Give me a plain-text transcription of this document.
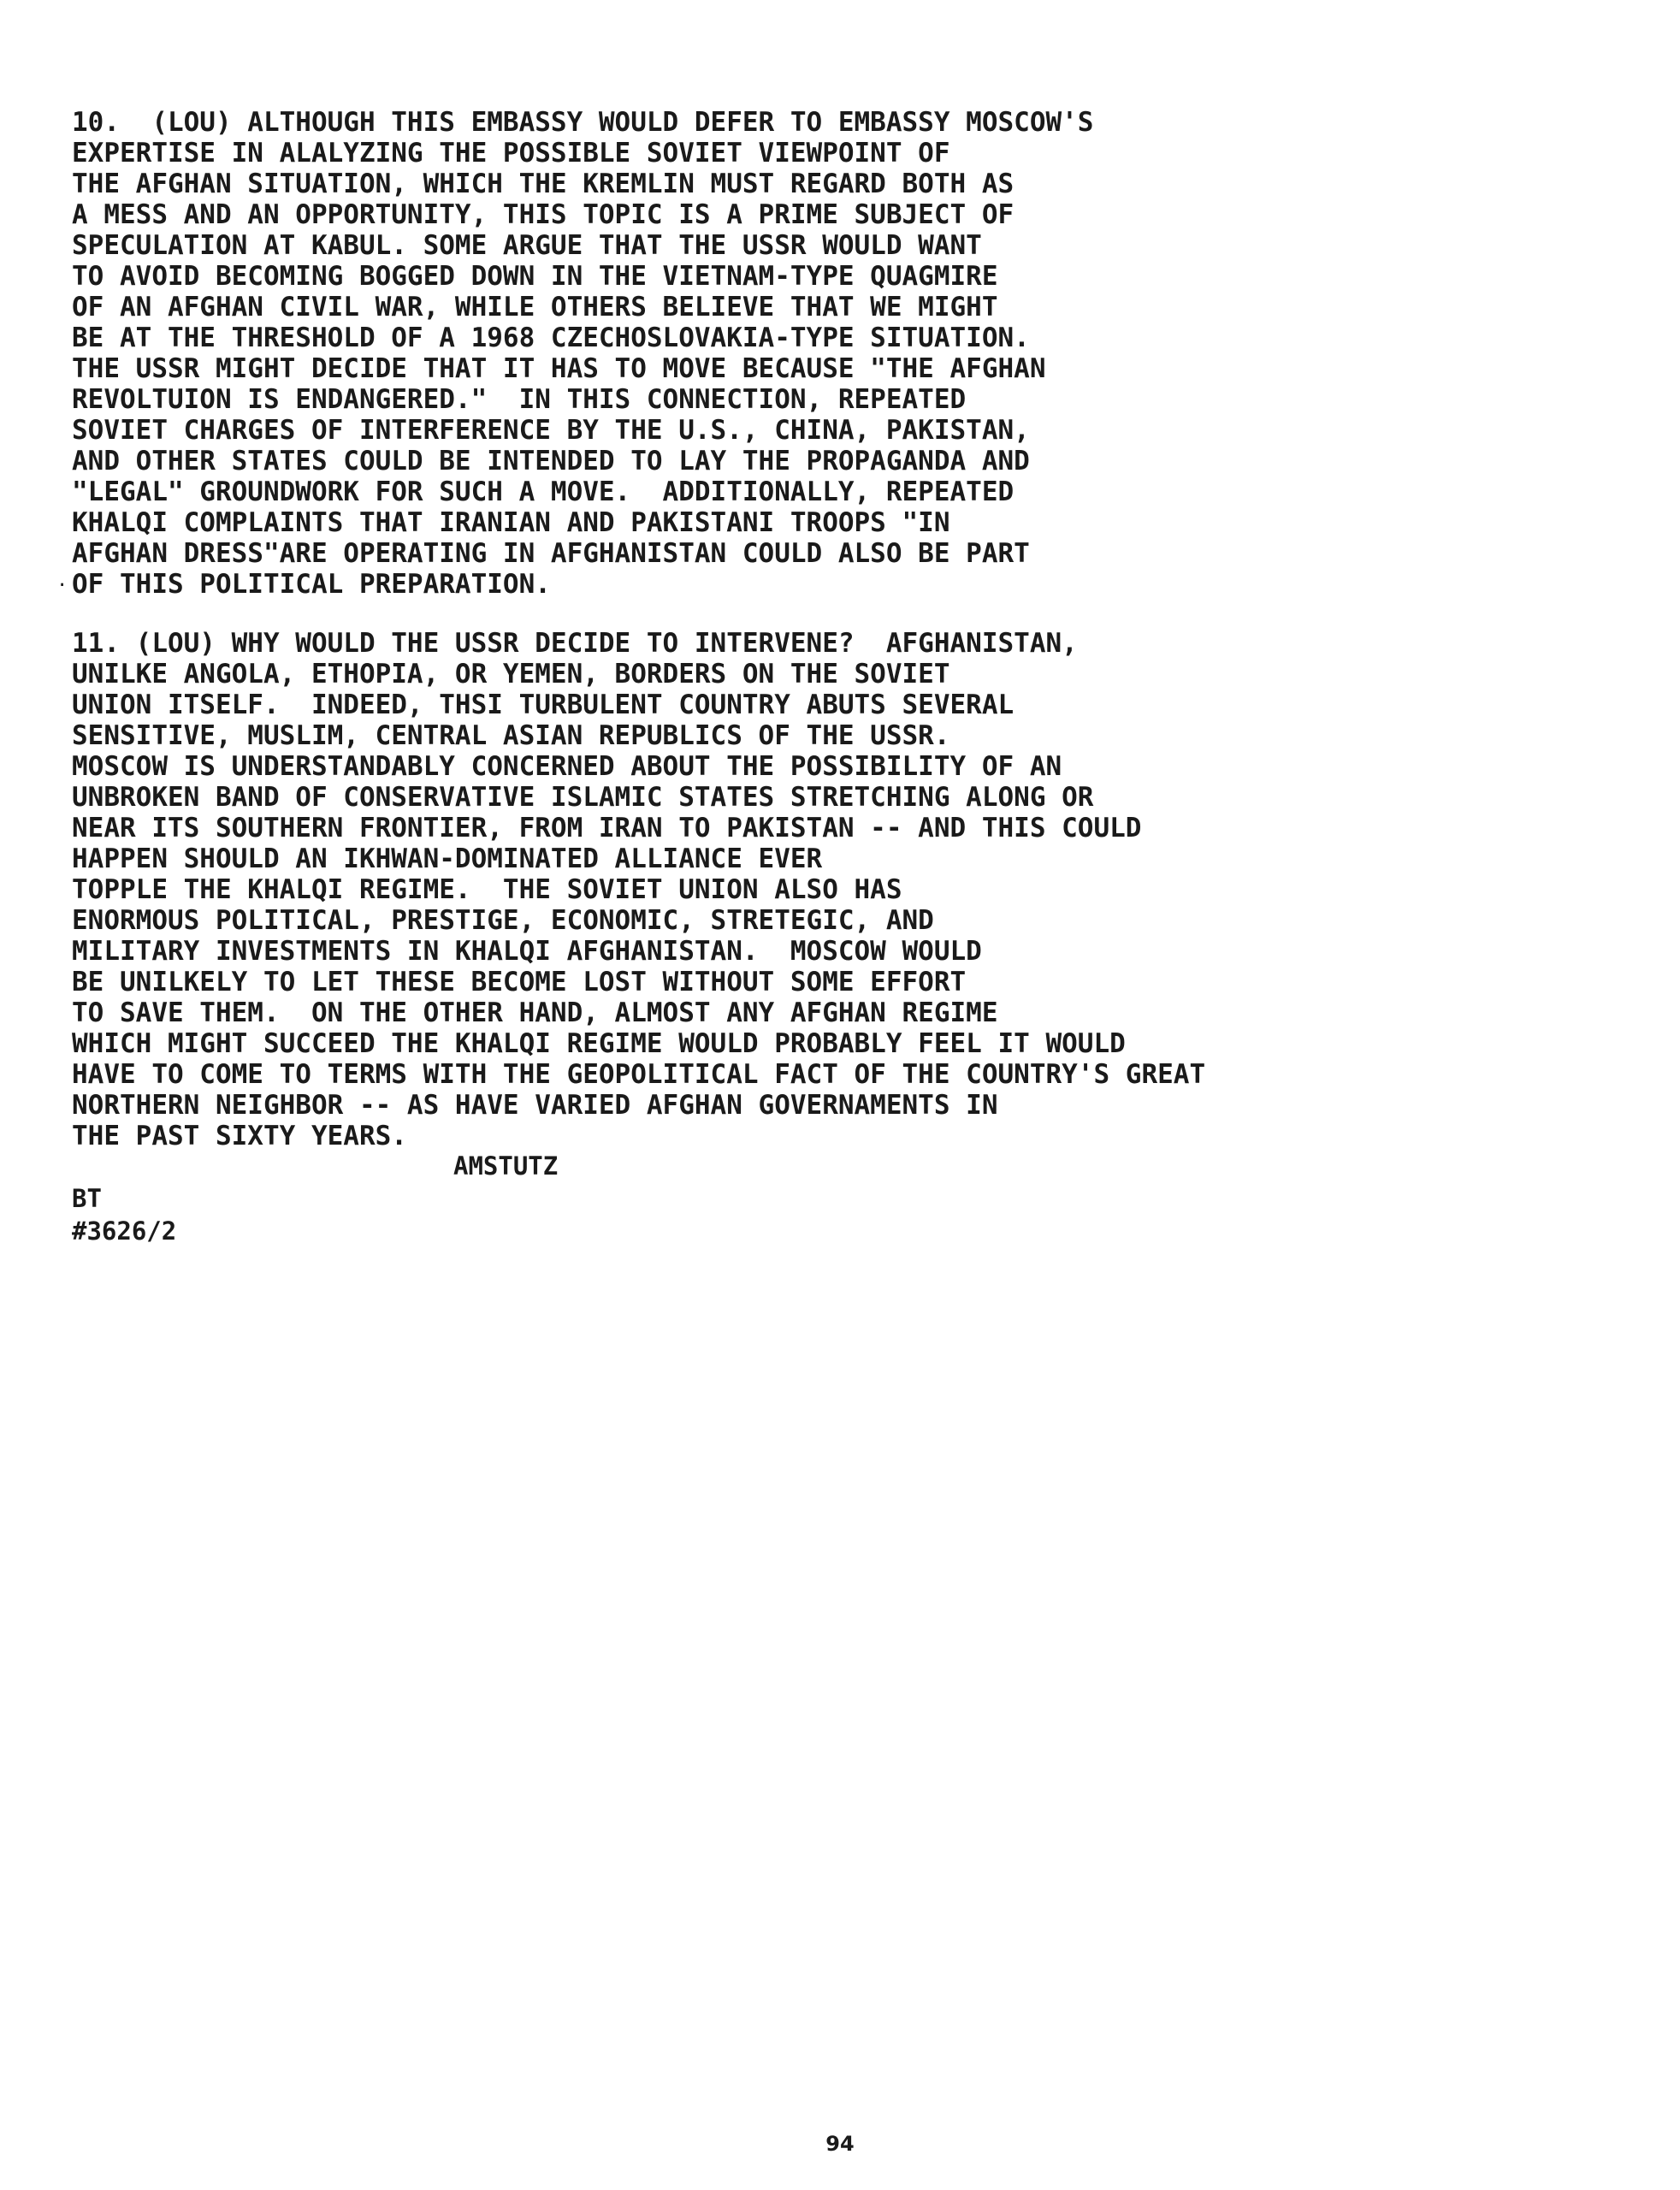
10.  (LOU) ALTHOUGH THIS EMBASSY WOULD DEFER TO EMBASSY MOSCOW'S
EXPERTISE IN ALALYZING THE POSSIBLE SOVIET VIEWPOINT OF
THE AFGHAN SITUATION, WHICH THE KREMLIN MUST REGARD BOTH AS
A MESS AND AN OPPORTUNITY, THIS TOPIC IS A PRIME SUBJECT OF
SPECULATION AT KABUL. SOME ARGUE THAT THE USSR WOULD WANT
TO AVOID BECOMING BOGGED DOWN IN THE VIETNAM-TYPE QUAGMIRE
OF AN AFGHAN CIVIL WAR, WHILE OTHERS BELIEVE THAT WE MIGHT
BE AT THE THRESHOLD OF A 1968 CZECHOSLOVAKIA-TYPE SITUATION.
THE USSR MIGHT DECIDE THAT IT HAS TO MOVE BECAUSE "THE AFGHAN
REVOLTUION IS ENDANGERED."  IN THIS CONNECTION, REPEATED
SOVIET CHARGES OF INTERFERENCE BY THE U.S., CHINA, PAKISTAN,
AND OTHER STATES COULD BE INTENDED TO LAY THE PROPAGANDA AND
"LEGAL" GROUNDWORK FOR SUCH A MOVE.  ADDITIONALLY, REPEATED
KHALQI COMPLAINTS THAT IRANIAN AND PAKISTANI TROOPS "IN
AFGHAN DRESS"ARE OPERATING IN AFGHANISTAN COULD ALSO BE PART
OF THIS POLITICAL PREPARATION.
·
11. (LOU) WHY WOULD THE USSR DECIDE TO INTERVENE?  AFGHANISTAN,
UNILKE ANGOLA, ETHOPIA, OR YEMEN, BORDERS ON THE SOVIET
UNION ITSELF.  INDEED, THSI TURBULENT COUNTRY ABUTS SEVERAL
SENSITIVE, MUSLIM, CENTRAL ASIAN REPUBLICS OF THE USSR.
MOSCOW IS UNDERSTANDABLY CONCERNED ABOUT THE POSSIBILITY OF AN
UNBROKEN BAND OF CONSERVATIVE ISLAMIC STATES STRETCHING ALONG OR
NEAR ITS SOUTHERN FRONTIER, FROM IRAN TO PAKISTAN -- AND THIS COULD
HAPPEN SHOULD AN IKHWAN-DOMINATED ALLIANCE EVER
TOPPLE THE KHALQI REGIME.  THE SOVIET UNION ALSO HAS
ENORMOUS POLITICAL, PRESTIGE, ECONOMIC, STRETEGIC, AND
MILITARY INVESTMENTS IN KHALQI AFGHANISTAN.  MOSCOW WOULD
BE UNILKELY TO LET THESE BECOME LOST WITHOUT SOME EFFORT
TO SAVE THEM.  ON THE OTHER HAND, ALMOST ANY AFGHAN REGIME
WHICH MIGHT SUCCEED THE KHALQI REGIME WOULD PROBABLY FEEL IT WOULD
HAVE TO COME TO TERMS WITH THE GEOPOLITICAL FACT OF THE COUNTRY'S GREAT
NORTHERN NEIGHBOR -- AS HAVE VARIED AFGHAN GOVERNAMENTS IN
THE PAST SIXTY YEARS.
AMSTUTZ
BT
#3626/2
94
